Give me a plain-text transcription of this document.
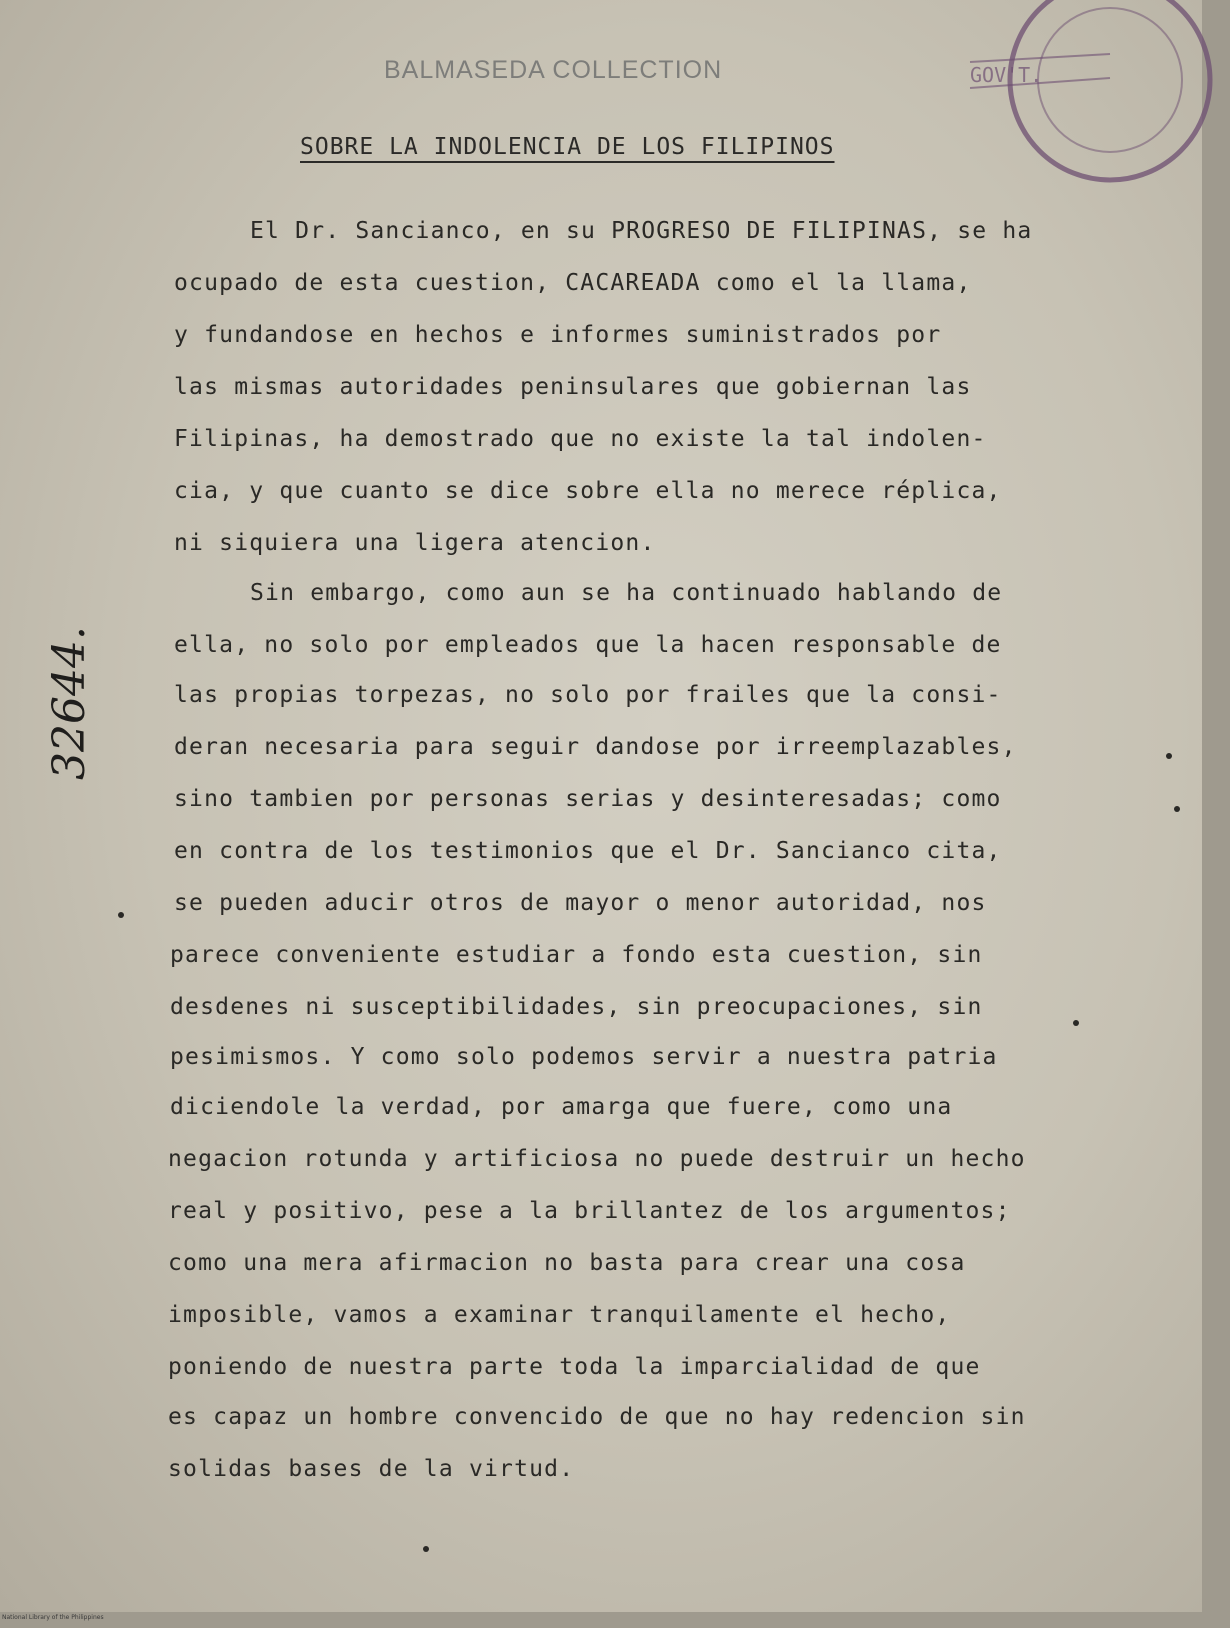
BALMASEDA COLLECTION	GOV'T.
SOBRE LA INDOLENCIA DE LOS FILIPINOS
El Dr. Sancianco, en su PROGRESO DE FILIPINAS, se ha
ocupado de esta cuestion, CACAREADA como el la llama,
y fundandose en hechos e informes suministrados por
las mismas autoridades peninsulares que gobiernan las
Filipinas, ha demostrado que no existe la tal indolen-
cia, y que cuanto se dice sobre ella no merece réplica,
ni siquiera una ligera atencion.
Sin embargo, como aun se ha continuado hablando de
ella, no solo por empleados que la hacen responsable de
las propias torpezas, no solo por frailes que la consi-
deran necesaria para seguir dandose por irreemplazables,
sino tambien por personas serias y desinteresadas; como
en contra de los testimonios que el Dr. Sancianco cita,
se pueden aducir otros de mayor o menor autoridad, nos
parece conveniente estudiar a fondo esta cuestion, sin
desdenes ni susceptibilidades, sin preocupaciones, sin
pesimismos. Y como solo podemos servir a nuestra patria
diciendole la verdad, por amarga que fuere, como una
negacion rotunda y artificiosa no puede destruir un hecho
real y positivo, pese a la brillantez de los argumentos;
como una mera afirmacion no basta para crear una cosa
imposible, vamos a examinar tranquilamente el hecho,
poniendo de nuestra parte toda la imparcialidad de que
es capaz un hombre convencido de que no hay redencion sin
solidas bases de la virtud.
32644.
National Library of the Philippines
